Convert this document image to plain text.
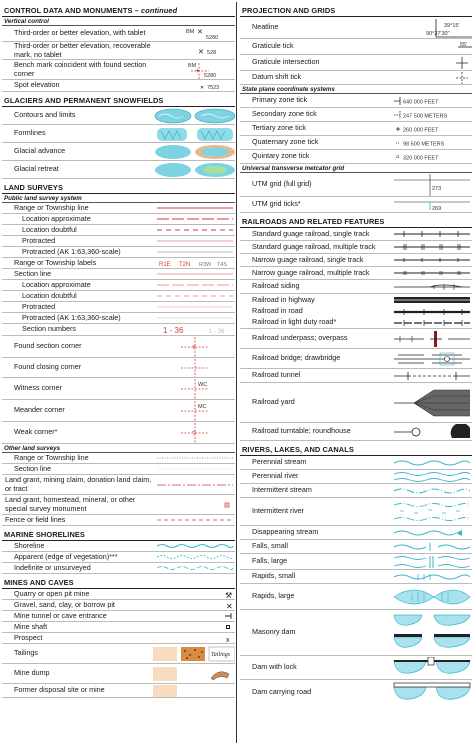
CONTROL DATA AND MONUMENTS – continued
Vertical control
Third-order or better elevation, with tablet	BM ✕
5280
Third-order or better elevation, recoverable mark, no tablet	✕ 528
Bench mark coincident with found section corner
BM
+
5280
Spot elevation	✕ 7523
GLACIERS AND PERMANENT SNOWFIELDS
Contours and limits
Formlines
Glacial advance
Glacial retreat
LAND SURVEYS
Public land survey system
Range or Township line
Location approximate
Location doubtful
Protracted
Protracted (AK 1:63,360-scale)
Range or Township labels	R1E T2N R3W T4S
Section line
Location approximate
Location doubtful
Protracted
Protracted (AK 1:63,360-scale)
Section numbers	1 - 36	1 - 36
Found section corner	+
Found closing corner
Witness corner	WC
Meander corner	MC
Weak corner*	?
Other land surveys
Range or Township line
Section line
Land grant, mining claim, donation land claim, or tract
Land grant, homestead, mineral, or other special survey monument
Fence or field lines
MARINE SHORELINES
Shoreline
Apparent (edge of vegetation)***
Indefinite or unsurveyed
MINES AND CAVES
Quarry or open pit mine	⚒
Gravel, sand, clay, or borrow pit	✕
Mine tunnel or cave entrance
Mine shaft
Prospect	x
Tailings	Tailings
Mine dump
Former disposal site or mine
PROJECTION AND GRIDS
Neatline	39°15'
90°37'30"
Graticule tick	55'
Graticule intersection
Datum shift tick
State plane coordinate systems
Primary zone tick	640 000 FEET
Secondary zone tick	247 500 METERS
Tertiary zone tick	260 000 FEET
Quaternary zone tick	98 500 METERS
Quintary zone tick	320 000 FEET
Universal transverse metcator grid
UTM grid (full grid)
273
UTM grid ticks*
269
RAILROADS AND RELATED FEATURES
Standard guage railroad, single track
Standard guage railroad, multiple track
Narrow guage railroad, single track
Narrow guage railroad, multiple track
Railroad siding
Railroad in highway
Railroad in road
Railroad in light duty road*
Railroad underpass; overpass
Railroad bridge; drawbridge
Railroad tunnel
Railroad yard
Railroad turntable; roundhouse
RIVERS, LAKES, AND CANALS
Perennial stream
Perennial river
Intermittent stream
Intermittent river
Disappearing stream
Falls, small
Falls, large
Rapids, small
Rapids, large
Masonry dam
Dam with lock
Dam carrying road
